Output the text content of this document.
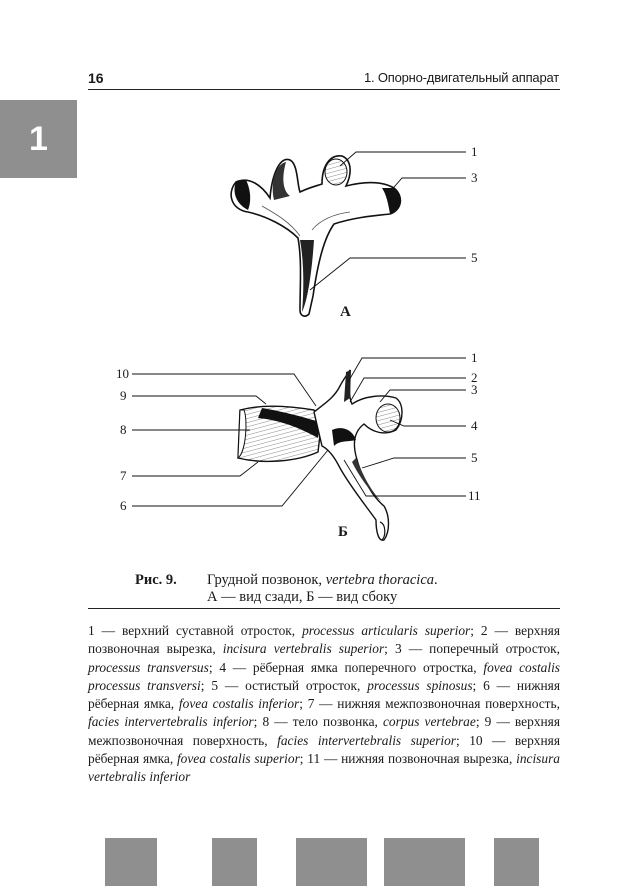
16	1. Опорно-двигательный аппарат
1	1
3
5
А
1
2
3
4
5
11
10
9
8
7
6
Б
Рис. 9. Грудной позвонок, vertebra thoracica.
А — вид сзади, Б — вид сбоку

1 — верхний суставной отросток, processus articularis superior; 2 — верхняя позвоночная вырезка, incisura vertebralis superior; 3 — поперечный отросток, processus transversus; 4 — рёберная ямка поперечного отростка, fovea costalis processus transversi; 5 — остистый отросток, processus spinosus; 6 — нижняя рёберная ямка, fovea costalis inferior; 7 — нижняя межпозвоночная поверхность, facies intervertebralis inferior; 8 — тело позвонка, corpus vertebrae; 9 — верхняя межпозвоночная поверхность, facies intervertebralis superior; 10 — верхняя рёберная ямка, fovea costalis superior; 11 — нижняя позвоночная вырезка, incisura vertebralis inferior
